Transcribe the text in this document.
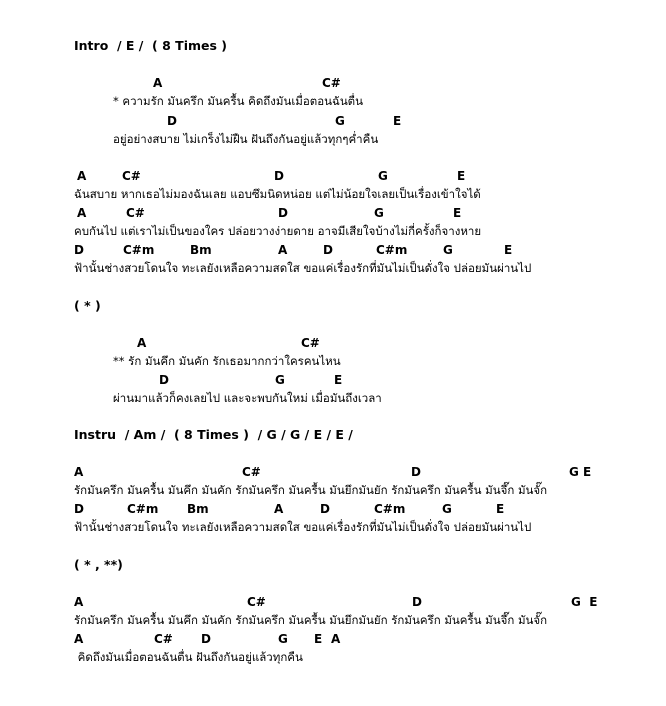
Intro  / E /  ( 8 Times )
A	C#
* ความรัก มันครึก มันครื้น คิดถึงมันเมื่อตอนฉันตื่น
D	G	E
อยู่อย่างสบาย ไม่เกร็งไม่ฝืน ฝันถึงกันอยู่แล้วทุกๆค่ำคืน
A	C#	D	G	E
ฉันสบาย หากเธอไม่มองฉันเลย แอบซึมนิดหน่อย แต่ไม่น้อยใจเลยเป็นเรื่องเข้าใจได้
A	C#	D	G	E
คบกันไป แต่เราไม่เป็นของใคร ปล่อยวางง่ายดาย อาจมีเสียใจบ้างไม่กี่ครั้งก็จางหาย
D	C#m	Bm	A	D	C#m	G	E
ฟ้านั้นช่างสวยโดนใจ ทะเลยังเหลือความสดใส ขอแค่เรื่องรักที่มันไม่เป็นดั่งใจ ปล่อยมันผ่านไป
( * )
A	C#
** รัก มันคึก มันคัก รักเธอมากกว่าใครคนไหน
D	G	E
ผ่านมาแล้วก็คงเลยไป และจะพบกันใหม่ เมื่อมันถึงเวลา
Instru  / Am /  ( 8 Times )  / G / G / E / E /
A	C#	D	G E
รักมันครึก มันครื้น มันคึก มันคัก รักมันครึก มันครื้น มันยึกมันยัก รักมันครึก มันครื้น มันจึ๊ก มันจั๊ก
D	C#m Bm	A	D	C#m	G	E
ฟ้านั้นช่างสวยโดนใจ ทะเลยังเหลือความสดใส ขอแค่เรื่องรักที่มันไม่เป็นดั่งใจ ปล่อยมันผ่านไป
( * , **)
A	C#	D	G  E
รักมันครึก มันครื้น มันคึก มันคัก รักมันครึก มันครื้น มันยึกมันยัก รักมันครึก มันครื้น มันจึ๊ก มันจั๊ก
A	C# D	G E A
คิดถึงมันเมื่อตอนฉันตื่น ฝันถึงกันอยู่แล้วทุกคืน
